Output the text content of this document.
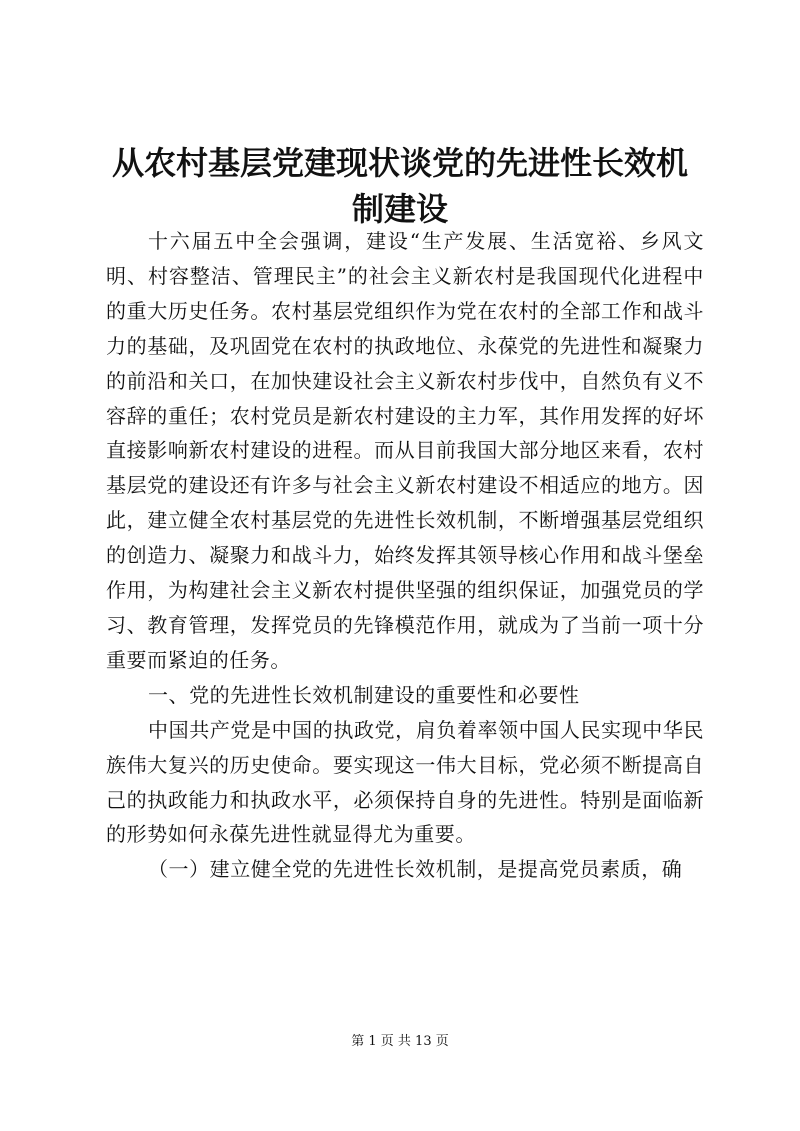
从农村基层党建现状谈党的先进性长效机制建设

十六届五中全会强调，建设“生产发展、生活宽裕、乡风文明、村容整洁、管理民主”的社会主义新农村是我国现代化进程中的重大历史任务。农村基层党组织作为党在农村的全部工作和战斗力的基础，及巩固党在农村的执政地位、永葆党的先进性和凝聚力的前沿和关口，在加快建设社会主义新农村步伐中，自然负有义不容辞的重任；农村党员是新农村建设的主力军，其作用发挥的好坏直接影响新农村建设的进程。而从目前我国大部分地区来看，农村基层党的建设还有许多与社会主义新农村建设不相适应的地方。因此，建立健全农村基层党的先进性长效机制，不断增强基层党组织的创造力、凝聚力和战斗力，始终发挥其领导核心作用和战斗堡垒作用，为构建社会主义新农村提供坚强的组织保证，加强党员的学习、教育管理，发挥党员的先锋模范作用，就成为了当前一项十分重要而紧迫的任务。

一、党的先进性长效机制建设的重要性和必要性

中国共产党是中国的执政党，肩负着率领中国人民实现中华民族伟大复兴的历史使命。要实现这一伟大目标，党必须不断提高自己的执政能力和执政水平，必须保持自身的先进性。特别是面临新的形势如何永葆先进性就显得尤为重要。

（一）建立健全党的先进性长效机制，是提高党员素质，确

第 1 页 共 13 页
